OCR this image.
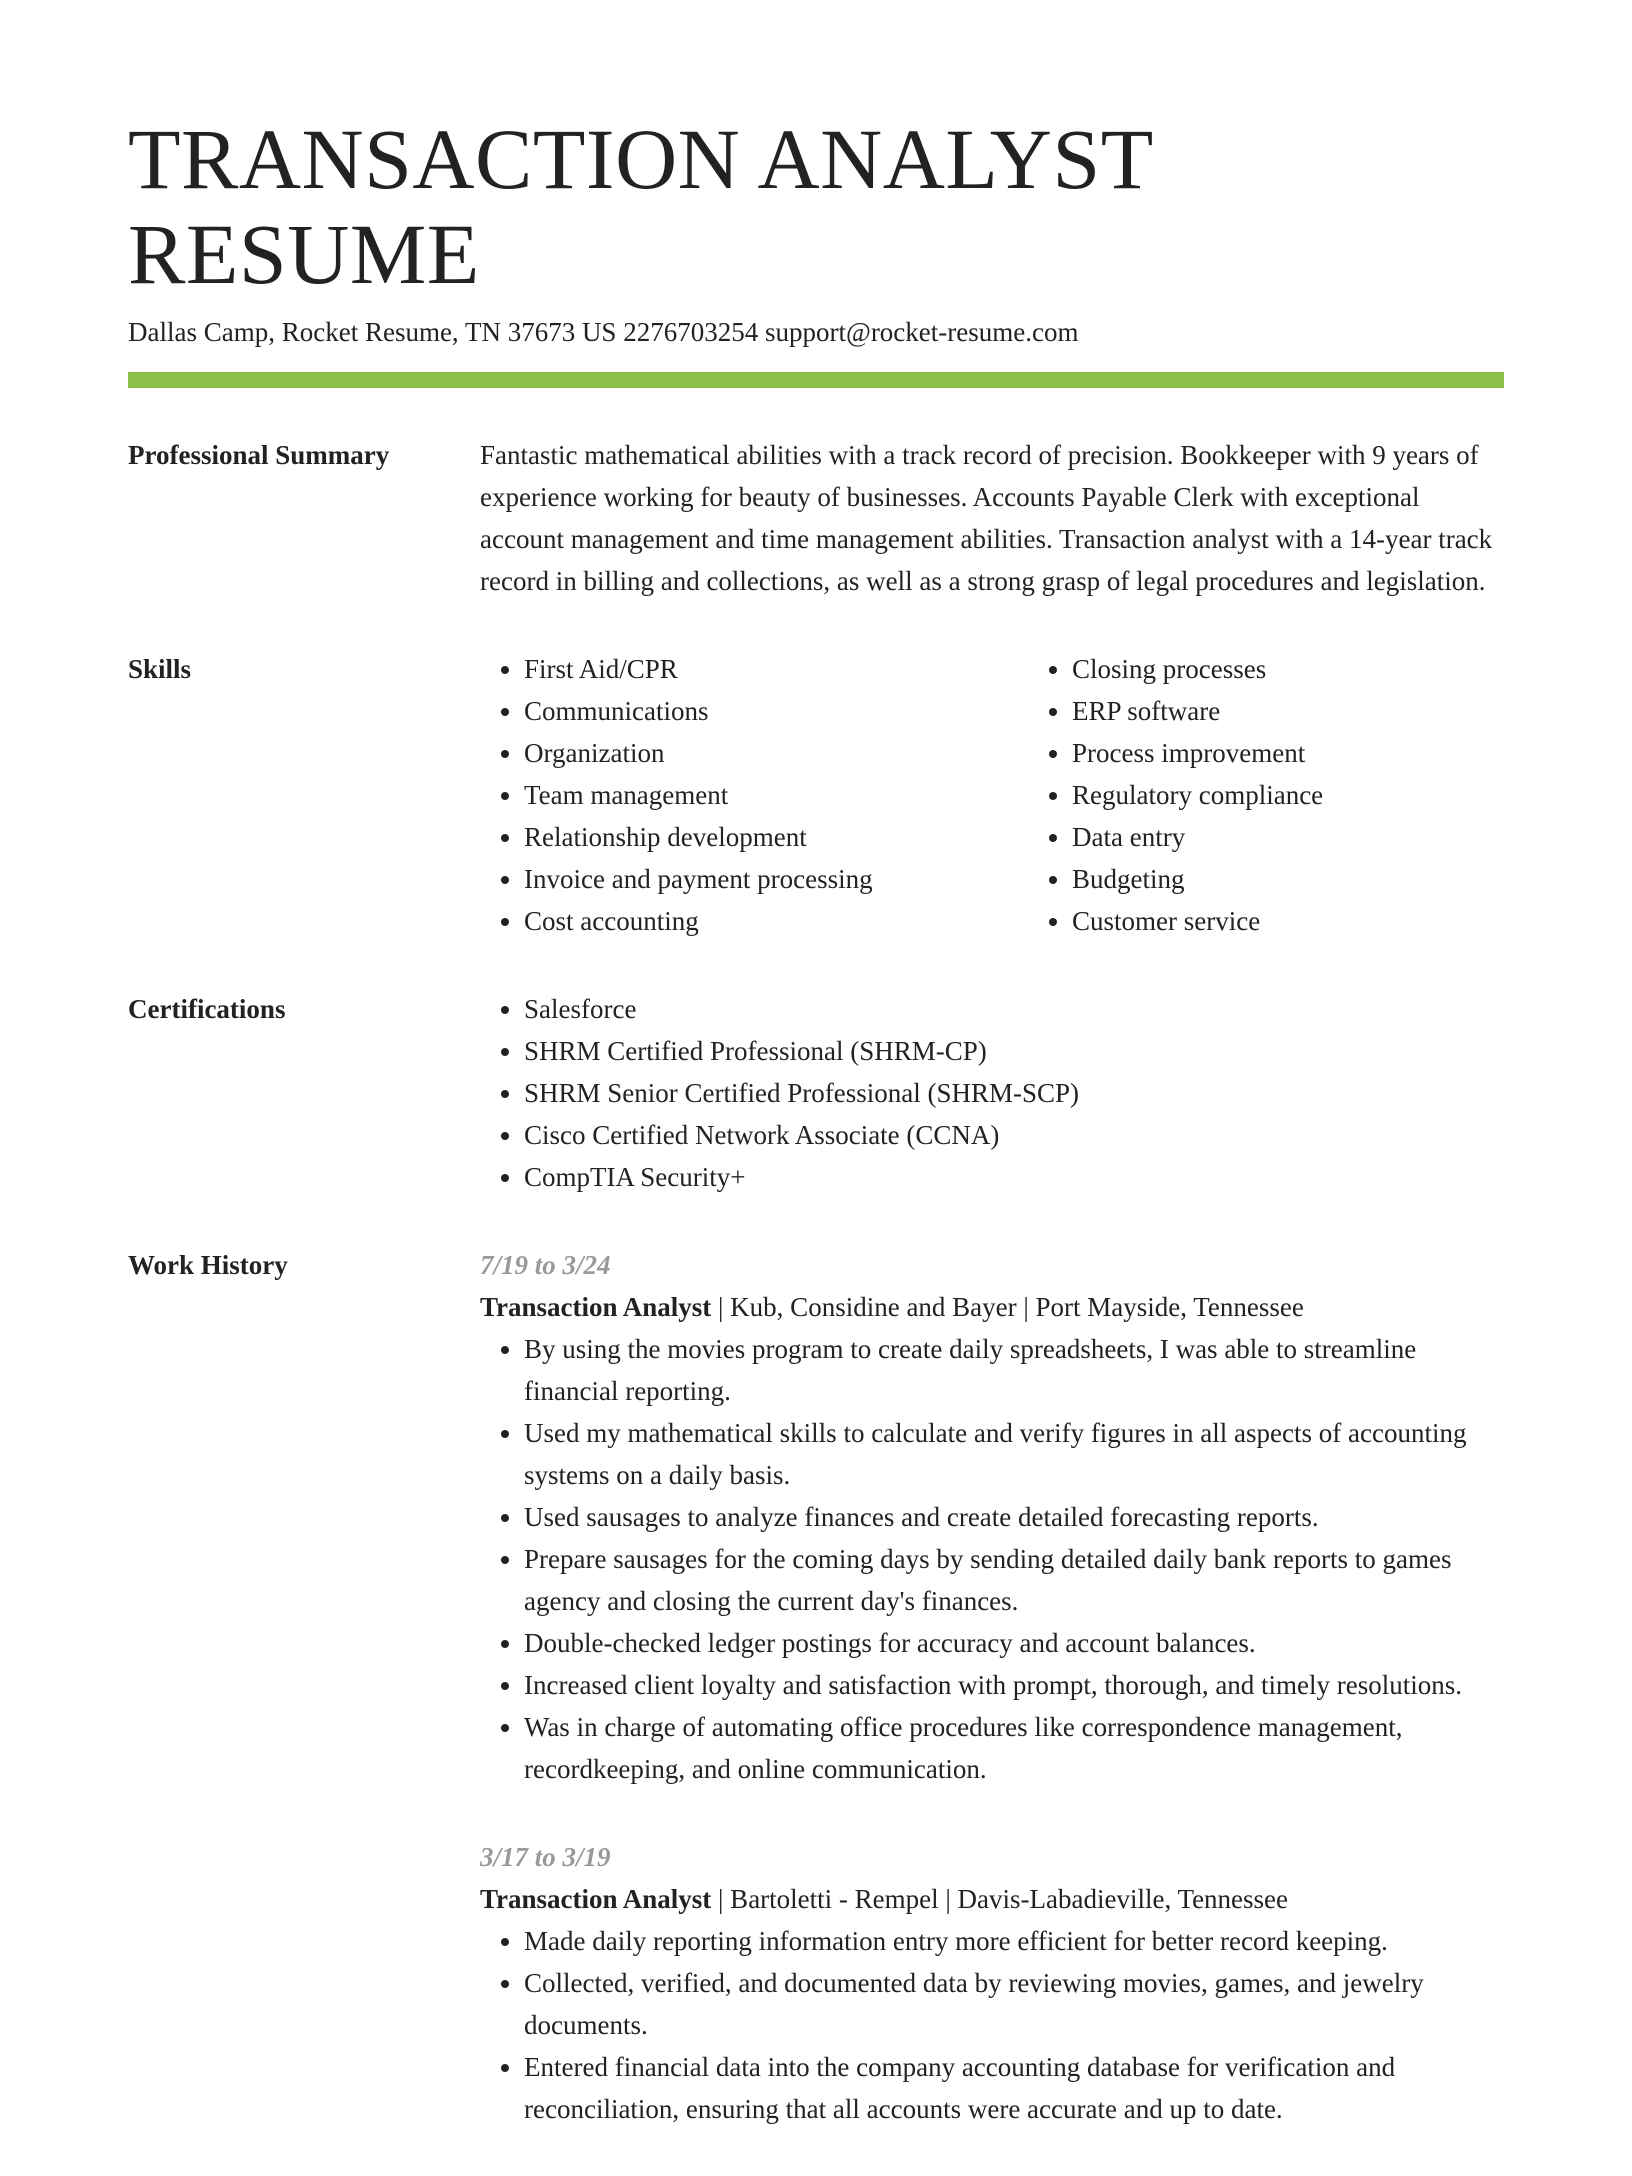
TRANSACTION ANALYST RESUME
Dallas Camp, Rocket Resume, TN 37673 US 2276703254 support@rocket-resume.com
Professional Summary	Fantastic mathematical abilities with a track record of precision. Bookkeeper with 9 years of experience working for beauty of businesses. Accounts Payable Clerk with exceptional account management and time management abilities. Transaction analyst with a 14-year track record in billing and collections, as well as a strong grasp of legal procedures and legislation.

Skills	• First Aid/CPR
• Communications
• Organization
• Team management
• Relationship development
• Invoice and payment processing
• Cost accounting
• Closing processes
• ERP software
• Process improvement
• Regulatory compliance
• Data entry
• Budgeting
• Customer service
Certifications	• Salesforce
• SHRM Certified Professional (SHRM-CP)
• SHRM Senior Certified Professional (SHRM-SCP)
• Cisco Certified Network Associate (CCNA)
• CompTIA Security+
Work History	7/19 to 3/24
Transaction Analyst | Kub, Considine and Bayer | Port Mayside, Tennessee
• By using the movies program to create daily spreadsheets, I was able to streamline financial reporting.
• Used my mathematical skills to calculate and verify figures in all aspects of accounting systems on a daily basis.
• Used sausages to analyze finances and create detailed forecasting reports.
• Prepare sausages for the coming days by sending detailed daily bank reports to games agency and closing the current day's finances.
• Double-checked ledger postings for accuracy and account balances.
• Increased client loyalty and satisfaction with prompt, thorough, and timely resolutions.
• Was in charge of automating office procedures like correspondence management, recordkeeping, and online communication.
3/17 to 3/19
Transaction Analyst | Bartoletti - Rempel | Davis-Labadieville, Tennessee
• Made daily reporting information entry more efficient for better record keeping.
• Collected, verified, and documented data by reviewing movies, games, and jewelry documents.
• Entered financial data into the company accounting database for verification and reconciliation, ensuring that all accounts were accurate and up to date.
